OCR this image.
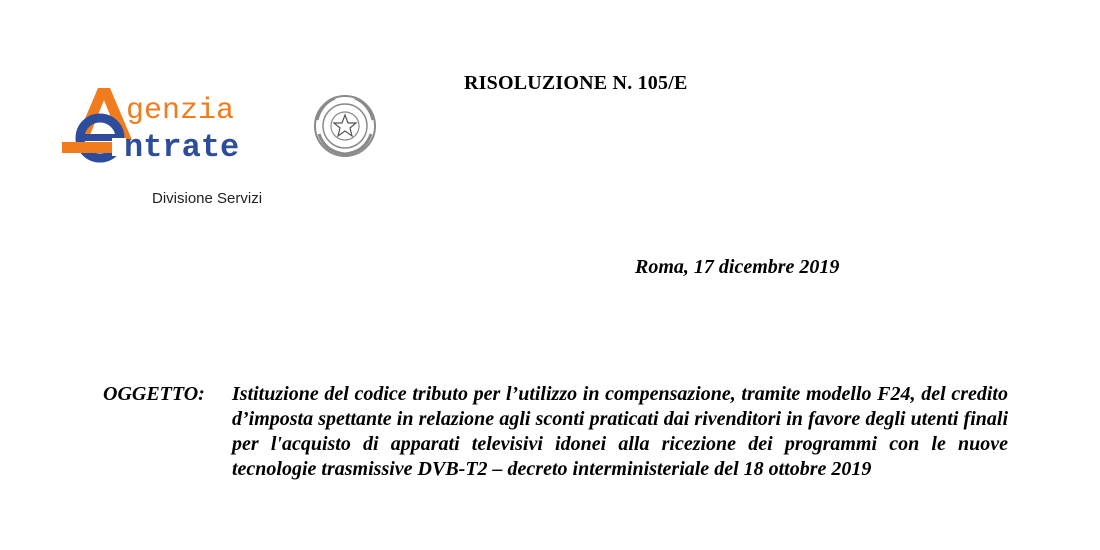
genzia
ntrate
Divisione Servizi
RISOLUZIONE N. 105/E
Roma, 17 dicembre 2019
OGGETTO: Istituzione del codice tributo per l’utilizzo in compensazione, tramite modello F24, del credito d’imposta spettante in relazione agli sconti praticati dai rivenditori in favore degli utenti finali per l'acquisto di apparati televisivi idonei alla ricezione dei programmi con le nuove tecnologie trasmissive DVB-T2 – decreto interministeriale del 18 ottobre 2019
